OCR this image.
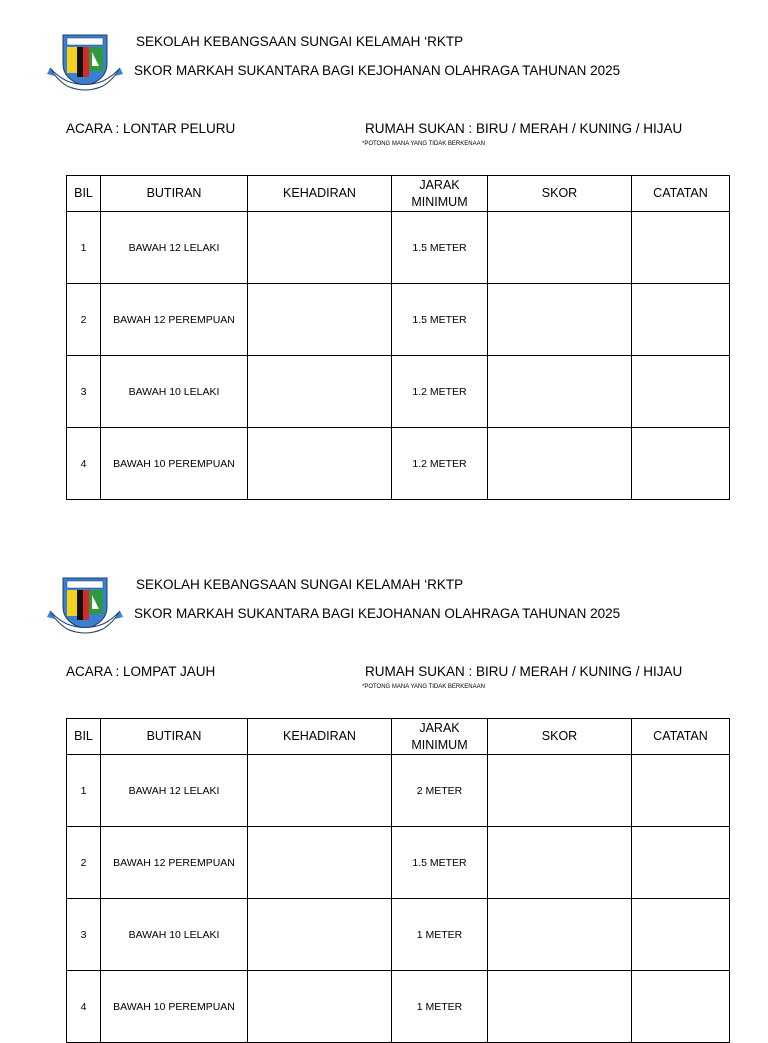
SEKOLAH KEBANGSAAN SUNGAI KELAMAH ‘RKTP
SKOR MARKAH SUKANTARA BAGI KEJOHANAN OLAHRAGA TAHUNAN 2025
ACARA : LONTAR PELURU	RUMAH SUKAN : BIRU / MERAH / KUNING / HIJAU
*POTONG MANA YANG TIDAK BERKENAAN
BIL	BUTIRAN	KEHADIRAN	JARAK MINIMUM	SKOR	CATATAN
1	BAWAH 12 LELAKI		1.5 METER		
2	BAWAH 12 PEREMPUAN		1.5 METER		
3	BAWAH 10 LELAKI		1.2 METER		
4	BAWAH 10 PEREMPUAN		1.2 METER		
SEKOLAH KEBANGSAAN SUNGAI KELAMAH ‘RKTP
SKOR MARKAH SUKANTARA BAGI KEJOHANAN OLAHRAGA TAHUNAN 2025
ACARA : LOMPAT JAUH	RUMAH SUKAN : BIRU / MERAH / KUNING / HIJAU
*POTONG MANA YANG TIDAK BERKENAAN
BIL	BUTIRAN	KEHADIRAN	JARAK MINIMUM	SKOR	CATATAN
1	BAWAH 12 LELAKI		2 METER		
2	BAWAH 12 PEREMPUAN		1.5 METER		
3	BAWAH 10 LELAKI		1 METER		
4	BAWAH 10 PEREMPUAN		1 METER		
